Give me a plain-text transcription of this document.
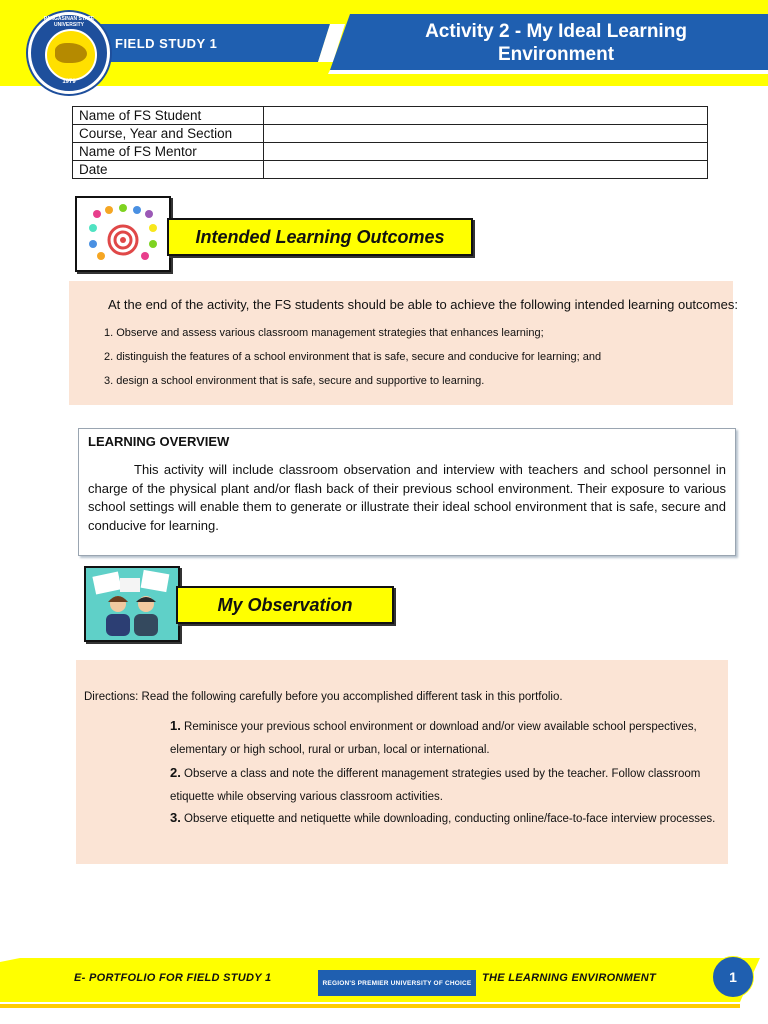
PANGASINAN STATE UNIVERSITY
1979
FIELD STUDY 1
Activity 2 - My Ideal Learning Environment
Name of FS Student	
Course, Year and Section	
Name of FS Mentor	
Date	
Intended Learning Outcomes
At the end of the activity, the FS students should be able to achieve the following intended learning outcomes:
1. Observe and assess various classroom management strategies that enhances learning;
2. distinguish the features of a school environment that is safe, secure and conducive for learning; and
3. design a school environment that is safe, secure and supportive to learning.
LEARNING OVERVIEW
This activity will include classroom observation and interview with teachers and school personnel in charge of the physical plant and/or flash back of their previous school environment. Their exposure to various school settings will enable them to generate or illustrate their ideal school environment that is safe, secure and conducive for learning.
My Observation
Directions: Read the following carefully before you accomplished different task in this portfolio.
1. Reminisce your previous school environment or download and/or view available school perspectives, elementary or high school, rural or urban, local or international.
2. Observe a class and note the different management strategies used by the teacher. Follow classroom etiquette while observing various classroom activities.
3. Observe etiquette and netiquette while downloading, conducting online/face-to-face interview processes.
E- PORTFOLIO FOR FIELD STUDY 1	REGION'S PREMIER UNIVERSITY OF CHOICE THE LEARNING ENVIRONMENT	1
